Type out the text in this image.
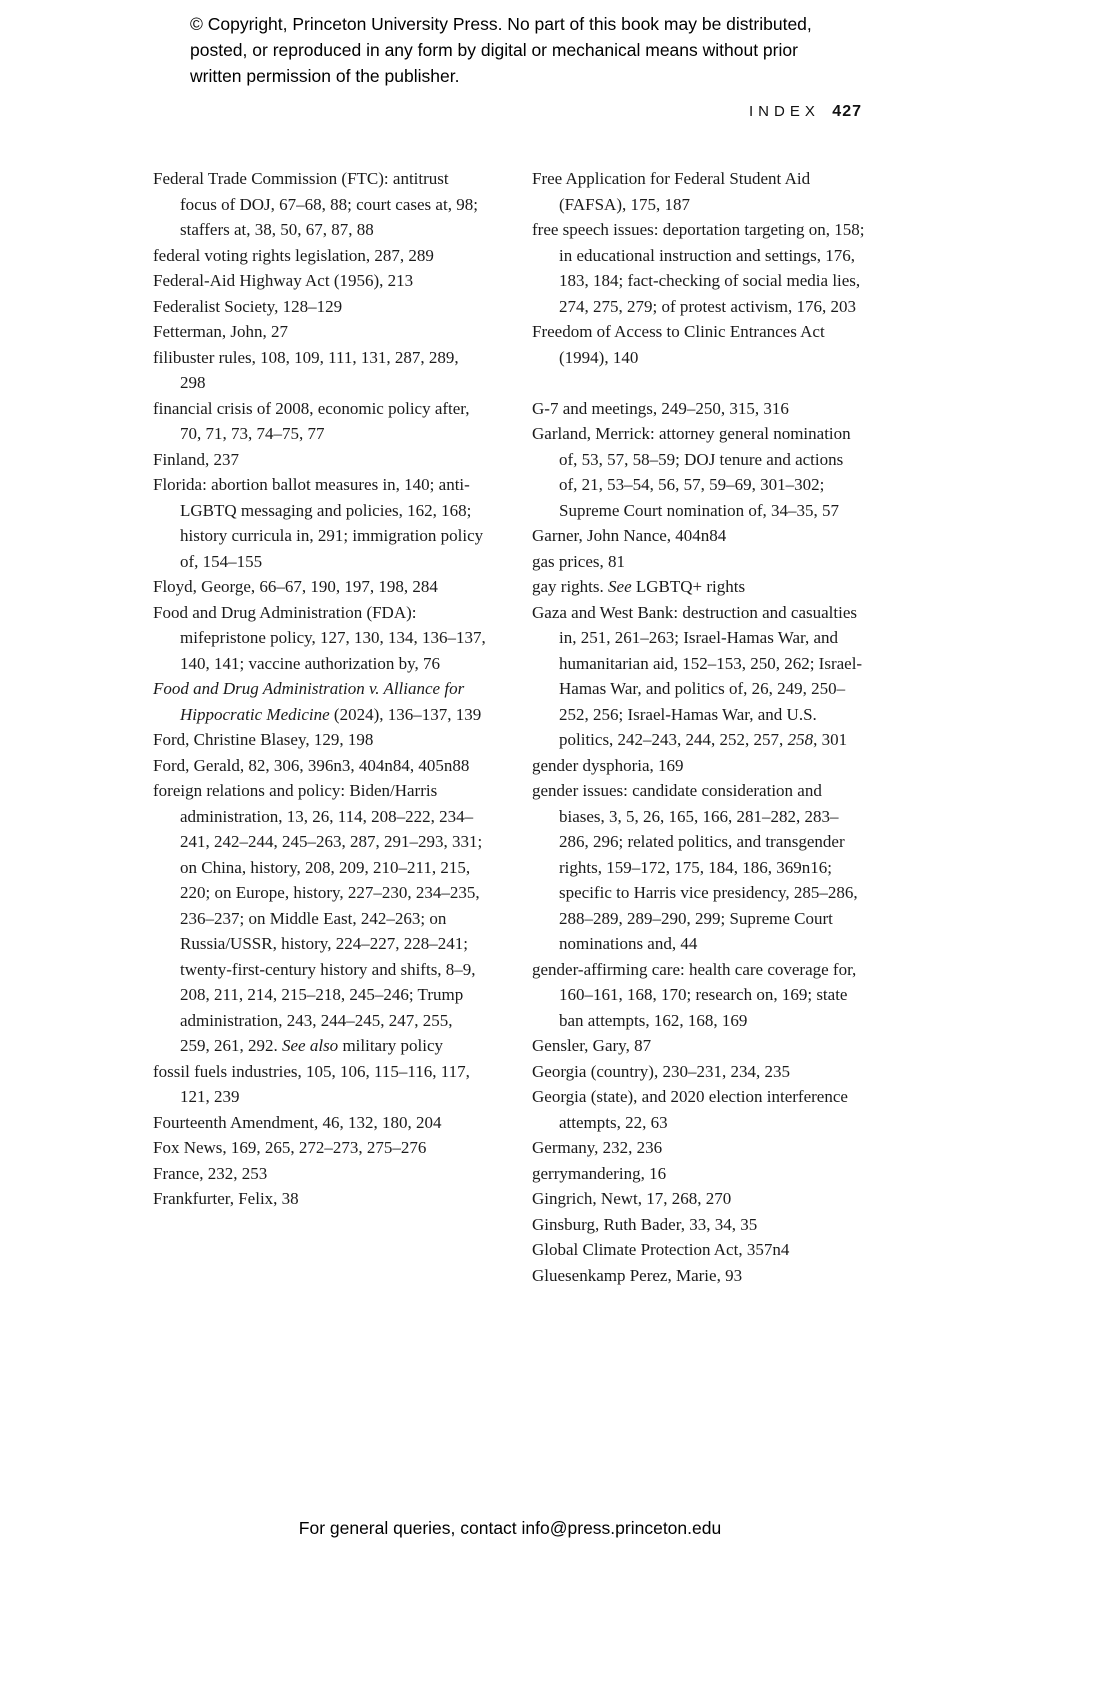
© Copyright, Princeton University Press. No part of this book may be distributed, posted, or reproduced in any form by digital or mechanical means without prior written permission of the publisher.
INDEX 427
Federal Trade Commission (FTC): antitrust focus of DOJ, 67–68, 88; court cases at, 98; staffers at, 38, 50, 67, 87, 88
federal voting rights legislation, 287, 289
Federal-Aid Highway Act (1956), 213
Federalist Society, 128–129
Fetterman, John, 27
filibuster rules, 108, 109, 111, 131, 287, 289, 298
financial crisis of 2008, economic policy after, 70, 71, 73, 74–75, 77
Finland, 237
Florida: abortion ballot measures in, 140; anti-LGBTQ messaging and policies, 162, 168; history curricula in, 291; immigration policy of, 154–155
Floyd, George, 66–67, 190, 197, 198, 284
Food and Drug Administration (FDA): mifepristone policy, 127, 130, 134, 136–137, 140, 141; vaccine authorization by, 76
Food and Drug Administration v. Alliance for Hippocratic Medicine (2024), 136–137, 139
Ford, Christine Blasey, 129, 198
Ford, Gerald, 82, 306, 396n3, 404n84, 405n88
foreign relations and policy: Biden/Harris administration, 13, 26, 114, 208–222, 234–241, 242–244, 245–263, 287, 291–293, 331; on China, history, 208, 209, 210–211, 215, 220; on Europe, history, 227–230, 234–235, 236–237; on Middle East, 242–263; on Russia/USSR, history, 224–227, 228–241; twenty-first-century history and shifts, 8–9, 208, 211, 214, 215–218, 245–246; Trump administration, 243, 244–245, 247, 255, 259, 261, 292. See also military policy
fossil fuels industries, 105, 106, 115–116, 117, 121, 239
Fourteenth Amendment, 46, 132, 180, 204
Fox News, 169, 265, 272–273, 275–276
France, 232, 253
Frankfurter, Felix, 38
Free Application for Federal Student Aid (FAFSA), 175, 187
free speech issues: deportation targeting on, 158; in educational instruction and settings, 176, 183, 184; fact-checking of social media lies, 274, 275, 279; of protest activism, 176, 203
Freedom of Access to Clinic Entrances Act (1994), 140
G-7 and meetings, 249–250, 315, 316
Garland, Merrick: attorney general nomination of, 53, 57, 58–59; DOJ tenure and actions of, 21, 53–54, 56, 57, 59–69, 301–302; Supreme Court nomination of, 34–35, 57
Garner, John Nance, 404n84
gas prices, 81
gay rights. See LGBTQ+ rights
Gaza and West Bank: destruction and casualties in, 251, 261–263; Israel-Hamas War, and humanitarian aid, 152–153, 250, 262; Israel-Hamas War, and politics of, 26, 249, 250–252, 256; Israel-Hamas War, and U.S. politics, 242–243, 244, 252, 257, 258, 301
gender dysphoria, 169
gender issues: candidate consideration and biases, 3, 5, 26, 165, 166, 281–282, 283–286, 296; related politics, and transgender rights, 159–172, 175, 184, 186, 369n16; specific to Harris vice presidency, 285–286, 288–289, 289–290, 299; Supreme Court nominations and, 44
gender-affirming care: health care coverage for, 160–161, 168, 170; research on, 169; state ban attempts, 162, 168, 169
Gensler, Gary, 87
Georgia (country), 230–231, 234, 235
Georgia (state), and 2020 election interference attempts, 22, 63
Germany, 232, 236
gerrymandering, 16
Gingrich, Newt, 17, 268, 270
Ginsburg, Ruth Bader, 33, 34, 35
Global Climate Protection Act, 357n4
Gluesenkamp Perez, Marie, 93
For general queries, contact info@press.princeton.edu
